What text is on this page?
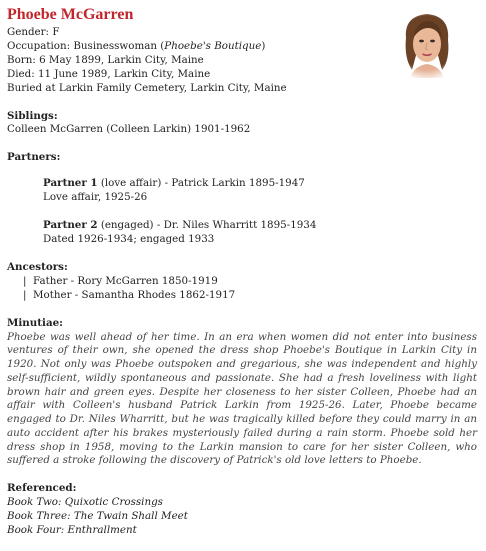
Phoebe McGarren
Gender: F
Occupation: Businesswoman (Phoebe's Boutique)
Born: 6 May 1899, Larkin City, Maine
Died: 11 June 1989, Larkin City, Maine
Buried at Larkin Family Cemetery, Larkin City, Maine
Siblings:
Colleen McGarren (Colleen Larkin) 1901-1962
Partners:
Partner 1 (love affair) - Patrick Larkin 1895-1947
Love affair, 1925-26
Partner 2 (engaged) - Dr. Niles Wharritt 1895-1934
Dated 1926-1934; engaged 1933
Ancestors:
| Father - Rory McGarren 1850-1919
| Mother - Samantha Rhodes 1862-1917
Minutiae:
Phoebe was well ahead of her time. In an era when women did not enter into business ventures of their own, she opened the dress shop Phoebe's Boutique in Larkin City in 1920. Not only was Phoebe outspoken and gregarious, she was independent and highly self-sufficient, wildly spontaneous and passionate. She had a fresh loveliness with light brown hair and green eyes. Despite her closeness to her sister Colleen, Phoebe had an affair with Colleen's husband Patrick Larkin from 1925-26. Later, Phoebe became engaged to Dr. Niles Wharritt, but he was tragically killed before they could marry in an auto accident after his brakes mysteriously failed during a rain storm. Phoebe sold her dress shop in 1958, moving to the Larkin mansion to care for her sister Colleen, who suffered a stroke following the discovery of Patrick's old love letters to Phoebe.
Referenced:
Book Two: Quixotic Crossings
Book Three: The Twain Shall Meet
Book Four: Enthrallment
